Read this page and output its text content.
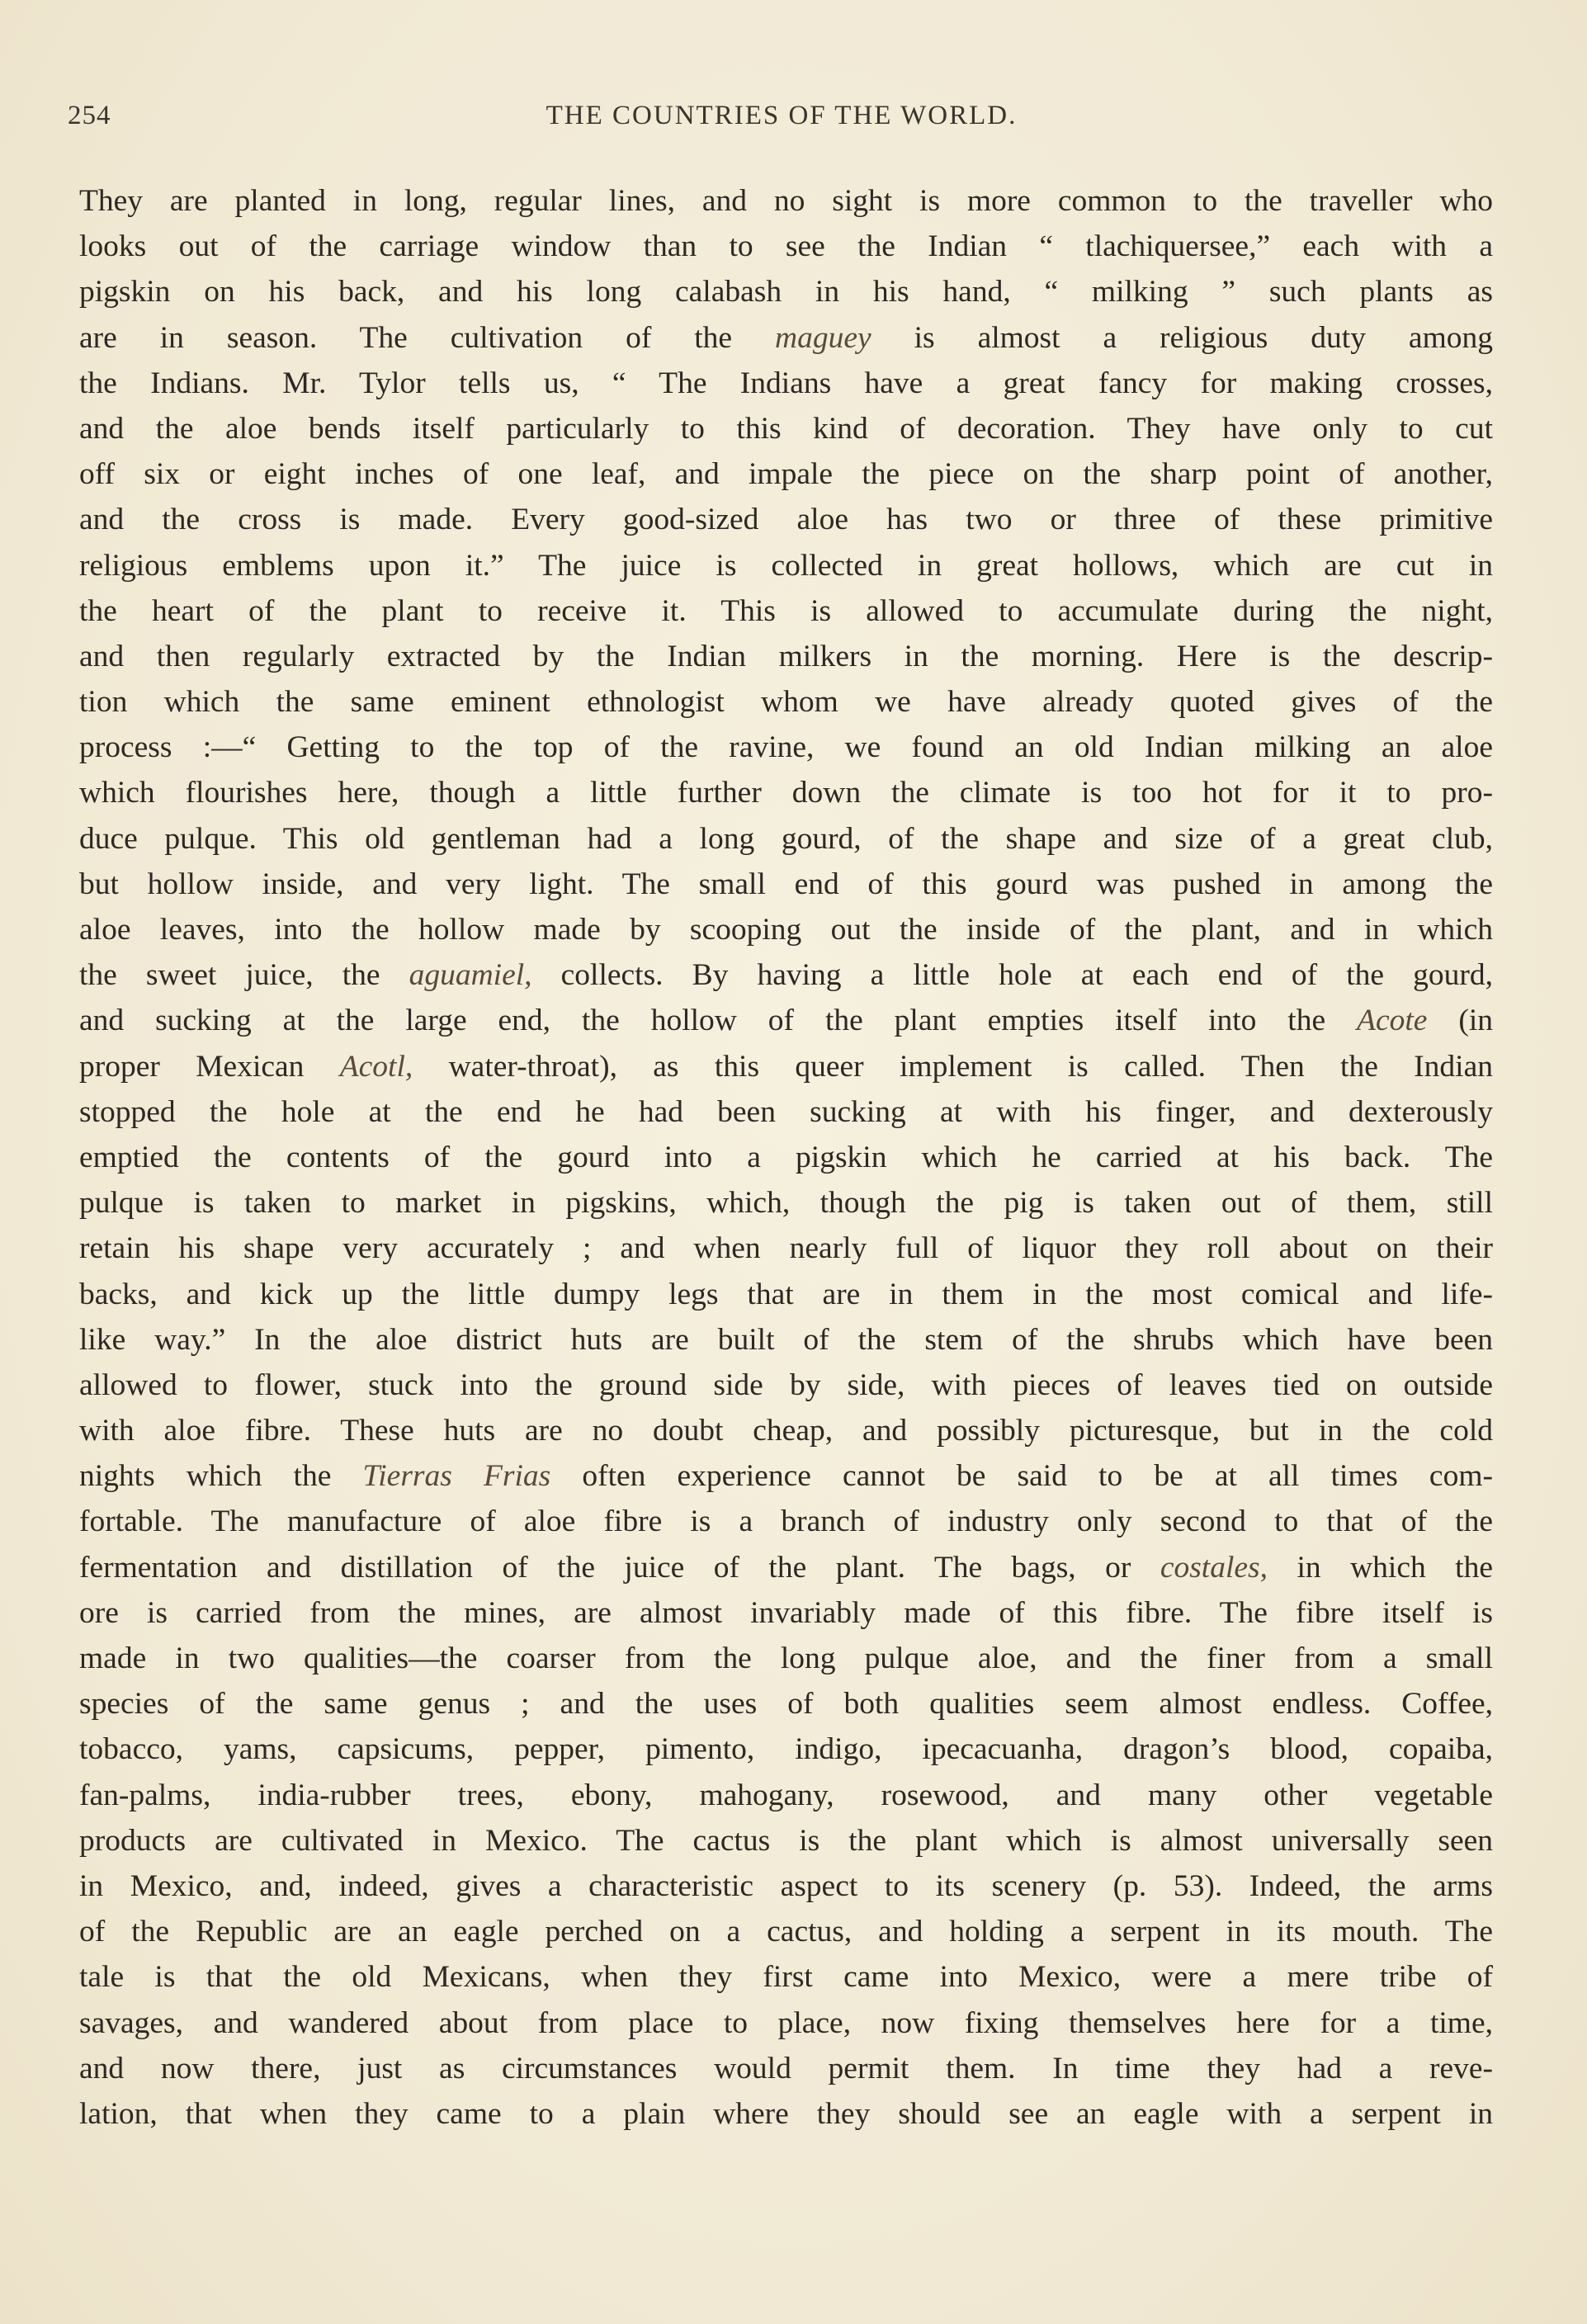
254	THE COUNTRIES OF THE WORLD.
They are planted in long, regular lines, and no sight is more common to the traveller who
looks out of the carriage window than to see the Indian “ tlachiquersee,” each with a
pigskin on his back, and his long calabash in his hand, “ milking ” such plants as
are in season. The cultivation of the maguey is almost a religious duty among
the Indians. Mr. Tylor tells us, “ The Indians have a great fancy for making crosses,
and the aloe bends itself particularly to this kind of decoration. They have only to cut
off six or eight inches of one leaf, and impale the piece on the sharp point of another,
and the cross is made. Every good-sized aloe has two or three of these primitive
religious emblems upon it.” The juice is collected in great hollows, which are cut in
the heart of the plant to receive it. This is allowed to accumulate during the night,
and then regularly extracted by the Indian milkers in the morning. Here is the descrip-
tion which the same eminent ethnologist whom we have already quoted gives of the
process :—“ Getting to the top of the ravine, we found an old Indian milking an aloe
which flourishes here, though a little further down the climate is too hot for it to pro-
duce pulque. This old gentleman had a long gourd, of the shape and size of a great club,
but hollow inside, and very light. The small end of this gourd was pushed in among the
aloe leaves, into the hollow made by scooping out the inside of the plant, and in which
the sweet juice, the aguamiel, collects. By having a little hole at each end of the gourd,
and sucking at the large end, the hollow of the plant empties itself into the Acote (in
proper Mexican Acotl, water-throat), as this queer implement is called. Then the Indian
stopped the hole at the end he had been sucking at with his finger, and dexterously
emptied the contents of the gourd into a pigskin which he carried at his back. The
pulque is taken to market in pigskins, which, though the pig is taken out of them, still
retain his shape very accurately ; and when nearly full of liquor they roll about on their
backs, and kick up the little dumpy legs that are in them in the most comical and life-
like way.” In the aloe district huts are built of the stem of the shrubs which have been
allowed to flower, stuck into the ground side by side, with pieces of leaves tied on outside
with aloe fibre. These huts are no doubt cheap, and possibly picturesque, but in the cold
nights which the Tierras Frias often experience cannot be said to be at all times com-
fortable. The manufacture of aloe fibre is a branch of industry only second to that of the
fermentation and distillation of the juice of the plant. The bags, or costales, in which the
ore is carried from the mines, are almost invariably made of this fibre. The fibre itself is
made in two qualities—the coarser from the long pulque aloe, and the finer from a small
species of the same genus ; and the uses of both qualities seem almost endless. Coffee,
tobacco, yams, capsicums, pepper, pimento, indigo, ipecacuanha, dragon’s blood, copaiba,
fan-palms, india-rubber trees, ebony, mahogany, rosewood, and many other vegetable
products are cultivated in Mexico. The cactus is the plant which is almost universally seen
in Mexico, and, indeed, gives a characteristic aspect to its scenery (p. 53). Indeed, the arms
of the Republic are an eagle perched on a cactus, and holding a serpent in its mouth. The
tale is that the old Mexicans, when they first came into Mexico, were a mere tribe of
savages, and wandered about from place to place, now fixing themselves here for a time,
and now there, just as circumstances would permit them. In time they had a reve-
lation, that when they came to a plain where they should see an eagle with a serpent in
